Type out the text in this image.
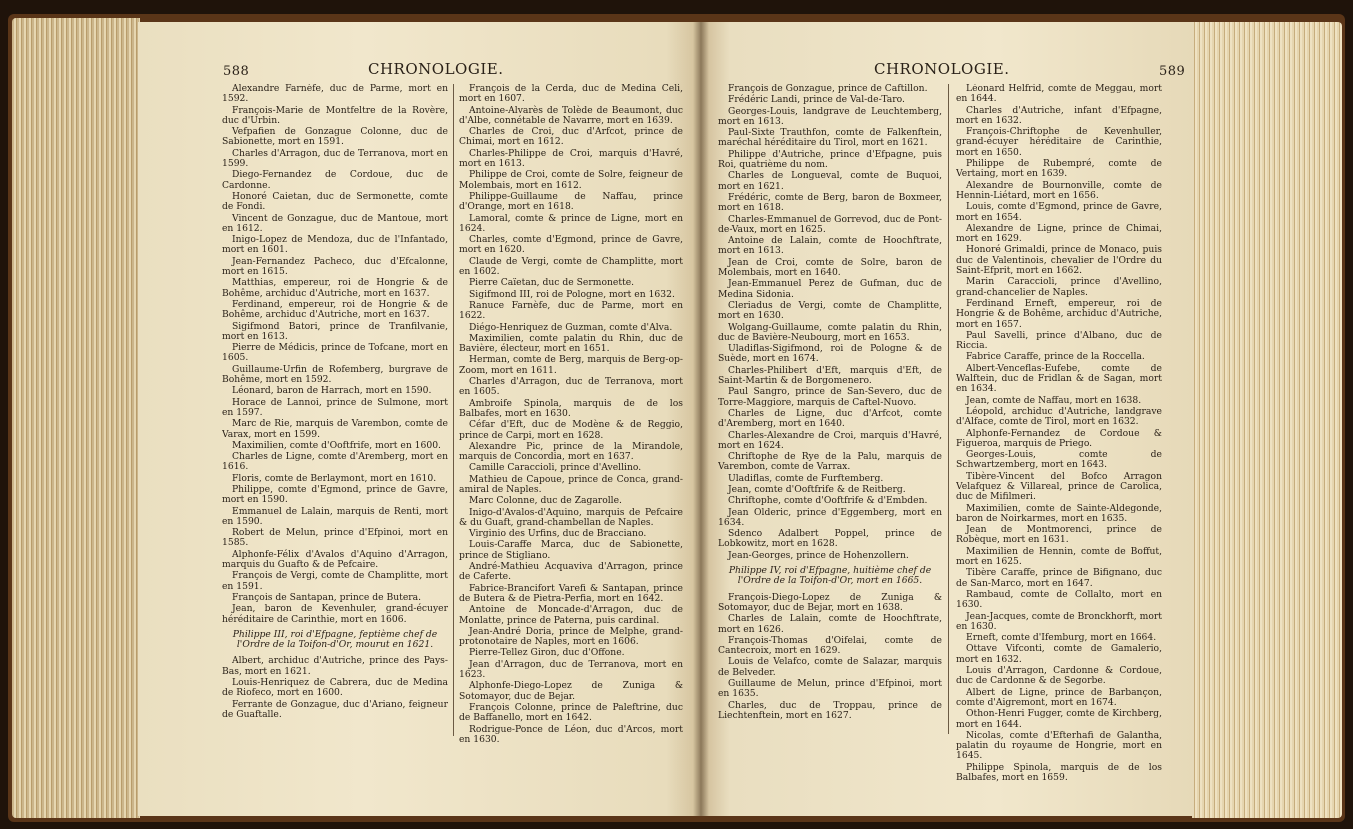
588	CHRONOLOGIE.

Alexandre Farnèfe, duc de Parme, mort en 1592.

François-Marie de Montfeltre de la Rovère, duc d'Urbin.

Vefpafien de Gonzague Colonne, duc de Sabionette, mort en 1591.

Charles d'Arragon, duc de Terranova, mort en 1599.

Diego-Fernandez de Cordoue, duc de Cardonne.

Honoré Caietan, duc de Sermonette, comte de Fondi.

Vincent de Gonzague, duc de Mantoue, mort en 1612.

Inigo-Lopez de Mendoza, duc de l'Infantado, mort en 1601.

Jean-Fernandez Pacheco, duc d'Efcalonne, mort en 1615.

Matthias, empereur, roi de Hongrie & de Bohême, archiduc d'Autriche, mort en 1637.

Ferdinand, empereur, roi de Hongrie & de Bohême, archiduc d'Autriche, mort en 1637.

Sigifmond Batori, prince de Tranfilvanie, mort en 1613.

Pierre de Médicis, prince de Tofcane, mort en 1605.

Guillaume-Urfin de Rofemberg, burgrave de Bohême, mort en 1592.

Léonard, baron de Harrach, mort en 1590.

Horace de Lannoi, prince de Sulmone, mort en 1597.

Marc de Rie, marquis de Varembon, comte de Varax, mort en 1599.

Maximilien, comte d'Ooftfrife, mort en 1600.

Charles de Ligne, comte d'Aremberg, mort en 1616.

Floris, comte de Berlaymont, mort en 1610.

Philippe, comte d'Egmond, prince de Gavre, mort en 1590.

Emmanuel de Lalain, marquis de Renti, mort en 1590.

Robert de Melun, prince d'Efpinoi, mort en 1585.

Alphonfe-Félix d'Avalos d'Aquino d'Arragon, marquis du Guafto & de Pefcaire.

François de Vergi, comte de Champlitte, mort en 1591.

François de Santapan, prince de Butera.

Jean, baron de Kevenhuler, grand-écuyer héréditaire de Carinthie, mort en 1606.

Philippe III, roi d'Efpagne, feptième chef de l'Ordre de la Toifon-d'Or, mourut en 1621.

Albert, archiduc d'Autriche, prince des Pays-Bas, mort en 1621.

Louis-Henriquez de Cabrera, duc de Medina de Riofeco, mort en 1600.

Ferrante de Gonzague, duc d'Ariano, feigneur de Guaftalle.

François de la Cerda, duc de Medina Celi, mort en 1607.

Antoine-Alvarès de Tolède de Beaumont, duc d'Albe, connétable de Navarre, mort en 1639.

Charles de Croi, duc d'Arfcot, prince de Chimai, mort en 1612.

Charles-Philippe de Croi, marquis d'Havré, mort en 1613.

Philippe de Croi, comte de Solre, feigneur de Molembais, mort en 1612.

Philippe-Guillaume de Naffau, prince d'Orange, mort en 1618.

Lamoral, comte & prince de Ligne, mort en 1624.

Charles, comte d'Egmond, prince de Gavre, mort en 1620.

Claude de Vergi, comte de Champlitte, mort en 1602.

Pierre Caïetan, duc de Sermonette.

Sigifmond III, roi de Pologne, mort en 1632.

Ranuce Farnèfe, duc de Parme, mort en 1622.

Diégo-Henriquez de Guzman, comte d'Alva.

Maximilien, comte palatin du Rhin, duc de Bavière, électeur, mort en 1651.

Herman, comte de Berg, marquis de Berg-op-Zoom, mort en 1611.

Charles d'Arragon, duc de Terranova, mort en 1605.

Ambroife Spinola, marquis de de los Balbafes, mort en 1630.

Céfar d'Eft, duc de Modène & de Reggio, prince de Carpi, mort en 1628.

Alexandre Pic, prince de la Mirandole, marquis de Concordia, mort en 1637.

Camille Caraccioli, prince d'Avellino.

Mathieu de Capoue, prince de Conca, grand-amiral de Naples.

Marc Colonne, duc de Zagarolle.

Inigo-d'Avalos-d'Aquino, marquis de Pefcaire & du Guaft, grand-chambellan de Naples.

Virginio des Urfins, duc de Bracciano.

Louis-Caraffe Marca, duc de Sabionette, prince de Stigliano.

André-Mathieu Acquaviva d'Arragon, prince de Caferte.

Fabrice-Brancifort Varefi & Santapan, prince de Butera & de Pietra-Perfia, mort en 1642.

Antoine de Moncade-d'Arragon, duc de Monlatte, prince de Paterna, puis cardinal.

Jean-André Doria, prince de Melphe, grand-protonotaire de Naples, mort en 1606.

Pierre-Tellez Giron, duc d'Offone.

Jean d'Arragon, duc de Terranova, mort en 1623.

Alphonfe-Diego-Lopez de Zuniga & Sotomayor, duc de Bejar.

François Colonne, prince de Paleftrine, duc de Baffanello, mort en 1642.

Rodrigue-Ponce de Léon, duc d'Arcos, mort en 1630.

CHRONOLOGIE.	589

François de Gonzague, prince de Caftillon.

Frédéric Landi, prince de Val-de-Taro.

Georges-Louis, landgrave de Leuchtemberg, mort en 1613.

Paul-Sixte Trauthfon, comte de Falkenftein, maréchal héréditaire du Tirol, mort en 1621.

Philippe d'Autriche, prince d'Efpagne, puis Roi, quatrième du nom.

Charles de Longueval, comte de Buquoi, mort en 1621.

Frédéric, comte de Berg, baron de Boxmeer, mort en 1618.

Charles-Emmanuel de Gorrevod, duc de Pont-de-Vaux, mort en 1625.

Antoine de Lalain, comte de Hoochftrate, mort en 1613.

Jean de Croi, comte de Solre, baron de Molembais, mort en 1640.

Jean-Emmanuel Perez de Gufman, duc de Medina Sidonia.

Cleriadus de Vergi, comte de Champlitte, mort en 1630.

Wolgang-Guillaume, comte palatin du Rhin, duc de Bavière-Neubourg, mort en 1653.

Uladiflas-Sigifmond, roi de Pologne & de Suède, mort en 1674.

Charles-Philibert d'Eft, marquis d'Eft, de Saint-Martin & de Borgomenero.

Paul Sangro, prince de San-Severo, duc de Torre-Maggiore, marquis de Caftel-Nuovo.

Charles de Ligne, duc d'Arfcot, comte d'Aremberg, mort en 1640.

Charles-Alexandre de Croi, marquis d'Havré, mort en 1624.

Chriftophe de Rye de la Palu, marquis de Varembon, comte de Varrax.

Uladiflas, comte de Furftemberg.

Jean, comte d'Ooftfrife & de Reitberg.

Chriftophe, comte d'Ooftfrife & d'Embden.

Jean Olderic, prince d'Eggemberg, mort en 1634.

Sdenco Adalbert Poppel, prince de Lobkowitz, mort en 1628.

Jean-Georges, prince de Hohenzollern.

Philippe IV, roi d'Efpagne, huitième chef de l'Ordre de la Toifon-d'Or, mort en 1665.

François-Diego-Lopez de Zuniga & Sotomayor, duc de Bejar, mort en 1638.

Charles de Lalain, comte de Hoochftrate, mort en 1626.

François-Thomas d'Oifelai, comte de Cantecroix, mort en 1629.

Louis de Velafco, comte de Salazar, marquis de Belveder.

Guillaume de Melun, prince d'Efpinoi, mort en 1635.

Charles, duc de Troppau, prince de Liechtenftein, mort en 1627.

Léonard Helfrid, comte de Meggau, mort en 1644.

Charles d'Autriche, infant d'Efpagne, mort en 1632.

François-Chriftophe de Kevenhuller, grand-écuyer héréditaire de Carinthie, mort en 1650.

Philippe de Rubempré, comte de Vertaing, mort en 1639.

Alexandre de Bournonville, comte de Hennin-Liétard, mort en 1656.

Louis, comte d'Egmond, prince de Gavre, mort en 1654.

Alexandre de Ligne, prince de Chimai, mort en 1629.

Honoré Grimaldi, prince de Monaco, puis duc de Valentinois, chevalier de l'Ordre du Saint-Efprit, mort en 1662.

Marin Caraccioli, prince d'Avellino, grand-chancelier de Naples.

Ferdinand Erneft, empereur, roi de Hongrie & de Bohême, archiduc d'Autriche, mort en 1657.

Paul Savelli, prince d'Albano, duc de Riccia.

Fabrice Caraffe, prince de la Roccella.

Albert-Venceflas-Eufebe, comte de Walftein, duc de Fridlan & de Sagan, mort en 1634.

Jean, comte de Naffau, mort en 1638.

Léopold, archiduc d'Autriche, landgrave d'Alface, comte de Tirol, mort en 1632.

Alphonfe-Fernandez de Cordoue & Figueroa, marquis de Priego.

Georges-Louis, comte de Schwartzemberg, mort en 1643.

Tibère-Vincent del Bofco Arragon Velafquez & Villareal, prince de Carolica, duc de Mifilmeri.

Maximilien, comte de Sainte-Aldegonde, baron de Noirkarmes, mort en 1635.

Jean de Montmorenci, prince de Robèque, mort en 1631.

Maximilien de Hennin, comte de Boffut, mort en 1625.

Tibère Caraffe, prince de Bifignano, duc de San-Marco, mort en 1647.

Rambaud, comte de Collalto, mort en 1630.

Jean-Jacques, comte de Bronckhorft, mort en 1630.

Erneft, comte d'Ifemburg, mort en 1664.

Ottave Vifconti, comte de Gamalerio, mort en 1632.

Louis d'Arragon, Cardonne & Cordoue, duc de Cardonne & de Segorbe.

Albert de Ligne, prince de Barbançon, comte d'Aigremont, mort en 1674.

Othon-Henri Fugger, comte de Kirchberg, mort en 1644.

Nicolas, comte d'Efterhafi de Galantha, palatin du royaume de Hongrie, mort en 1645.

Philippe Spinola, marquis de de los Balbafes, mort en 1659.
